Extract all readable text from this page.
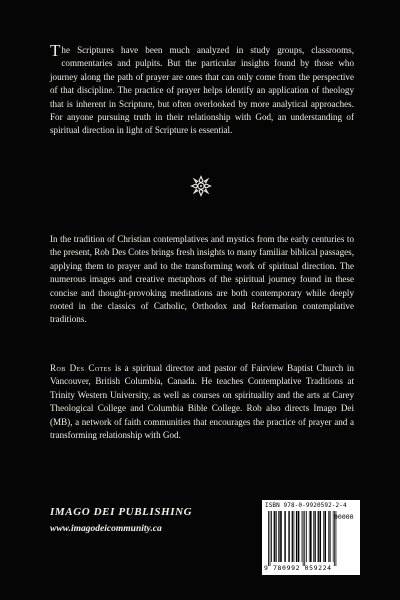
The Scriptures have been much analyzed in study groups, classrooms, commentaries and pulpits. But the particular insights found by those who journey along the path of prayer are ones that can only come from the perspective of that discipline. The practice of prayer helps identify an application of theology that is inherent in Scripture, but often overlooked by more analytical approaches. For anyone pursuing truth in their relationship with God, an understanding of spiritual direction in light of Scripture is essential.

In the tradition of Christian contemplatives and mystics from the early centuries to the present, Rob Des Cotes brings fresh insights to many familiar biblical passages, applying them to prayer and to the transforming work of spiritual direction. The numerous images and creative metaphors of the spiritual journey found in these concise and thought-provoking meditations are both contemporary while deeply rooted in the classics of Catholic, Orthodox and Reformation contemplative traditions.

Rob Des Cotes is a spiritual director and pastor of Fairview Baptist Church in Vancouver, British Columbia, Canada. He teaches Contemplative Traditions at Trinity Western University, as well as courses on spirituality and the arts at Carey Theological College and Columbia Bible College. Rob also directs Imago Dei (MB), a network of faith communities that encourages the practice of prayer and a transforming relationship with God.

IMAGO DEI PUBLISHING
www.imagodeicommunity.ca
ISBN 978-0-9920592-2-4
90000
9 780992 059224
